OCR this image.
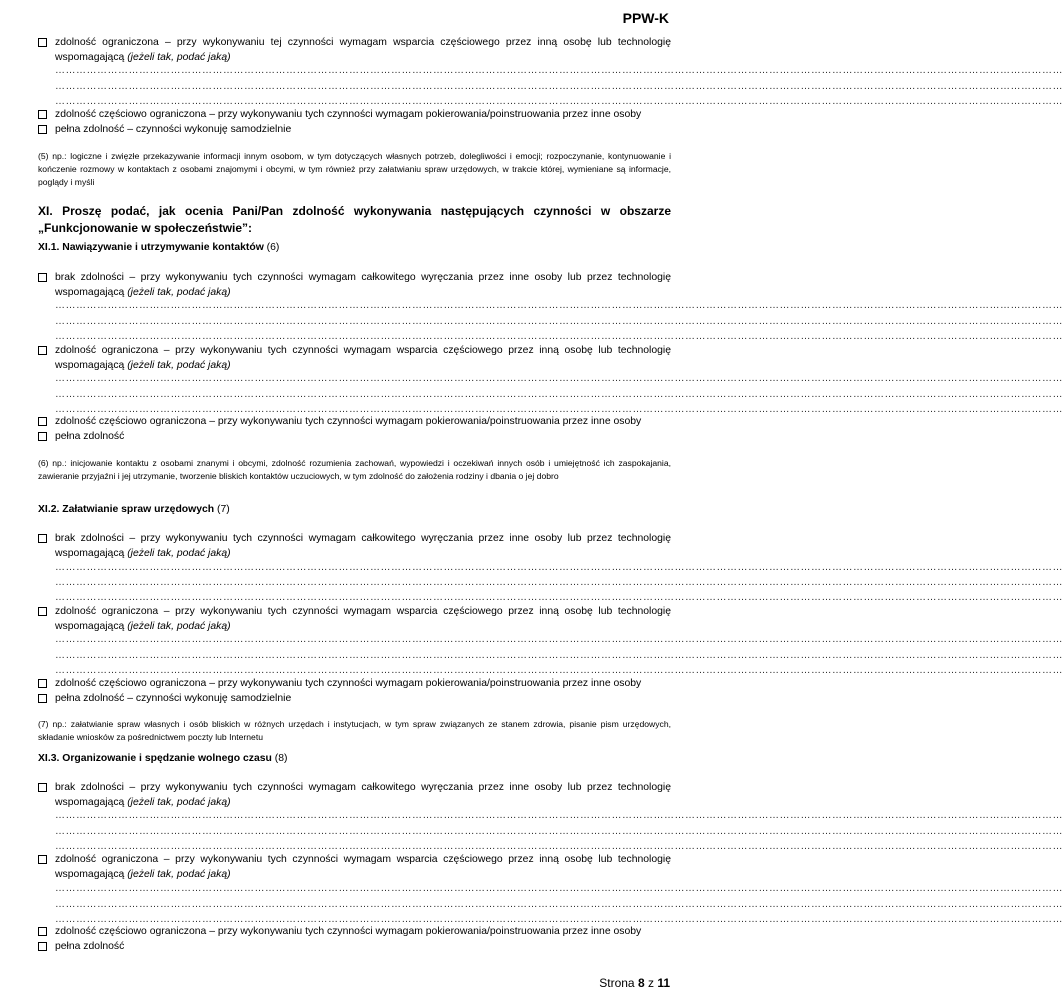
PPW-K
zdolność ograniczona – przy wykonywaniu tej czynności wymagam wsparcia częściowego przez inną osobę lub technologię wspomagającą (jeżeli tak, podać jaką)
………………………………………………………………………………………………………………………………………………………………………………………………………………………………………………………………
………………………………………………………………………………………………………………………………………………………………………………………………………………………………………………………………
………………………………………………………………………………………………………………………………………………………………………………………………………………………………………………………………
zdolność częściowo ograniczona – przy wykonywaniu tych czynności wymagam pokierowania/poinstruowania przez inne osoby
pełna zdolność – czynności wykonuję samodzielnie
(5) np.: logiczne i zwięzłe przekazywanie informacji innym osobom, w tym dotyczących własnych potrzeb, dolegliwości i emocji; rozpoczynanie, kontynuowanie i kończenie rozmowy w kontaktach z osobami znajomymi i obcymi, w tym również przy załatwianiu spraw urzędowych, w trakcie której, wymieniane są informacje, poglądy i myśli
XI. Proszę podać, jak ocenia Pani/Pan zdolność wykonywania następujących czynności w obszarze „Funkcjonowanie w społeczeństwie”:
XI.1. Nawiązywanie i utrzymywanie kontaktów (6)
brak zdolności – przy wykonywaniu tych czynności wymagam całkowitego wyręczania przez inne osoby lub przez technologię wspomagającą (jeżeli tak, podać jaką)
………………………………………………………………………………………………………………………………………………………………………………………………………………………………………………………………
………………………………………………………………………………………………………………………………………………………………………………………………………………………………………………………………
………………………………………………………………………………………………………………………………………………………………………………………………………………………………………………………………
zdolność ograniczona – przy wykonywaniu tych czynności wymagam wsparcia częściowego przez inną osobę lub technologię wspomagającą (jeżeli tak, podać jaką)
………………………………………………………………………………………………………………………………………………………………………………………………………………………………………………………………
………………………………………………………………………………………………………………………………………………………………………………………………………………………………………………………………
………………………………………………………………………………………………………………………………………………………………………………………………………………………………………………………………
zdolność częściowo ograniczona – przy wykonywaniu tych czynności wymagam pokierowania/poinstruowania przez inne osoby
pełna zdolność
(6) np.: inicjowanie kontaktu z osobami znanymi i obcymi, zdolność rozumienia zachowań, wypowiedzi i oczekiwań innych osób i umiejętność ich zaspokajania, zawieranie przyjaźni i jej utrzymanie, tworzenie bliskich kontaktów uczuciowych, w tym zdolność do założenia rodziny i dbania o jej dobro
XI.2. Załatwianie spraw urzędowych (7)
brak zdolności – przy wykonywaniu tych czynności wymagam całkowitego wyręczania przez inne osoby lub przez technologię wspomagającą (jeżeli tak, podać jaką)
………………………………………………………………………………………………………………………………………………………………………………………………………………………………………………………………
………………………………………………………………………………………………………………………………………………………………………………………………………………………………………………………………
………………………………………………………………………………………………………………………………………………………………………………………………………………………………………………………………
zdolność ograniczona – przy wykonywaniu tych czynności wymagam wsparcia częściowego przez inną osobę lub technologię wspomagającą (jeżeli tak, podać jaką)
………………………………………………………………………………………………………………………………………………………………………………………………………………………………………………………………
………………………………………………………………………………………………………………………………………………………………………………………………………………………………………………………………
………………………………………………………………………………………………………………………………………………………………………………………………………………………………………………………………
zdolność częściowo ograniczona – przy wykonywaniu tych czynności wymagam pokierowania/poinstruowania przez inne osoby
pełna zdolność – czynności wykonuję samodzielnie
(7) np.: załatwianie spraw własnych i osób bliskich w różnych urzędach i instytucjach, w tym spraw związanych ze stanem zdrowia, pisanie pism urzędowych, składanie wniosków za pośrednictwem poczty lub Internetu
XI.3. Organizowanie i spędzanie wolnego czasu (8)
brak zdolności – przy wykonywaniu tych czynności wymagam całkowitego wyręczania przez inne osoby lub przez technologię wspomagającą (jeżeli tak, podać jaką)
………………………………………………………………………………………………………………………………………………………………………………………………………………………………………………………………
………………………………………………………………………………………………………………………………………………………………………………………………………………………………………………………………
………………………………………………………………………………………………………………………………………………………………………………………………………………………………………………………………
zdolność ograniczona – przy wykonywaniu tych czynności wymagam wsparcia częściowego przez inną osobę lub technologię wspomagającą (jeżeli tak, podać jaką)
………………………………………………………………………………………………………………………………………………………………………………………………………………………………………………………………
………………………………………………………………………………………………………………………………………………………………………………………………………………………………………………………………
………………………………………………………………………………………………………………………………………………………………………………………………………………………………………………………………
zdolność częściowo ograniczona – przy wykonywaniu tych czynności wymagam pokierowania/poinstruowania przez inne osoby
pełna zdolność
Strona 8 z 11
